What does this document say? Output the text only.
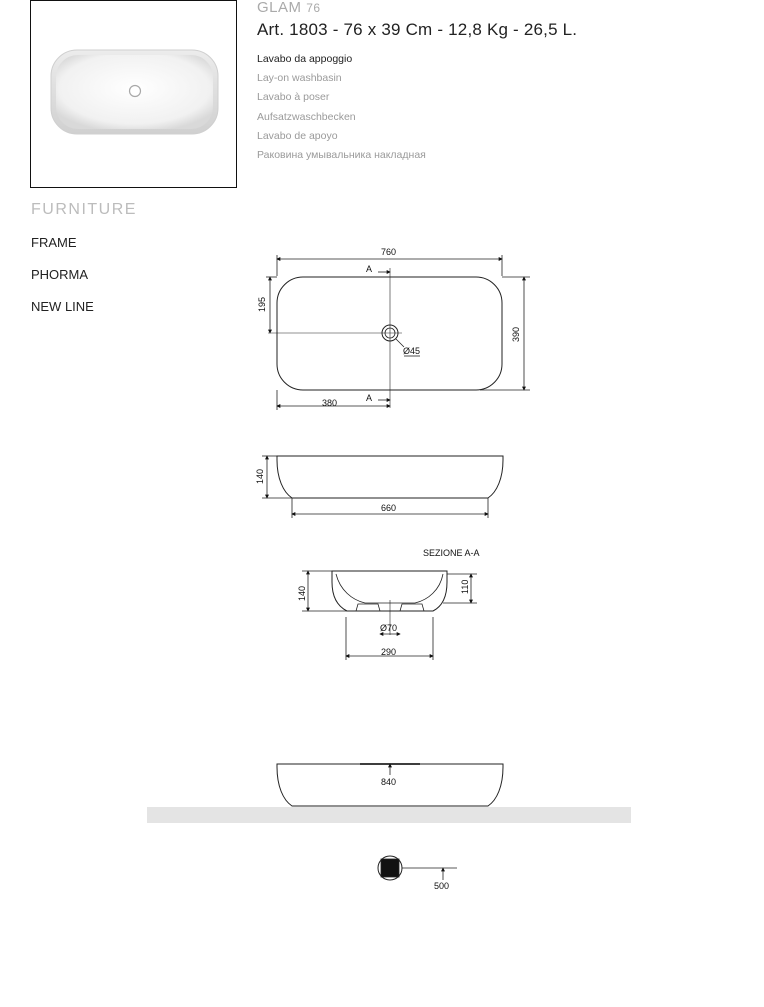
GLAM 76
Art. 1803 - 76 x 39 Cm - 12,8 Kg - 26,5 L.
Lavabo da appoggio
Lay-on washbasin
Lavabo à poser
Aufsatzwaschbecken
Lavabo de apoyo
Раковина умывальника накладная
FURNITURE
FRAME
PHORMA
NEW LINE
760
A
A
195
390
Ø45
380
140
660
SEZIONE A-A
140	110
Ø70
290
840
500
